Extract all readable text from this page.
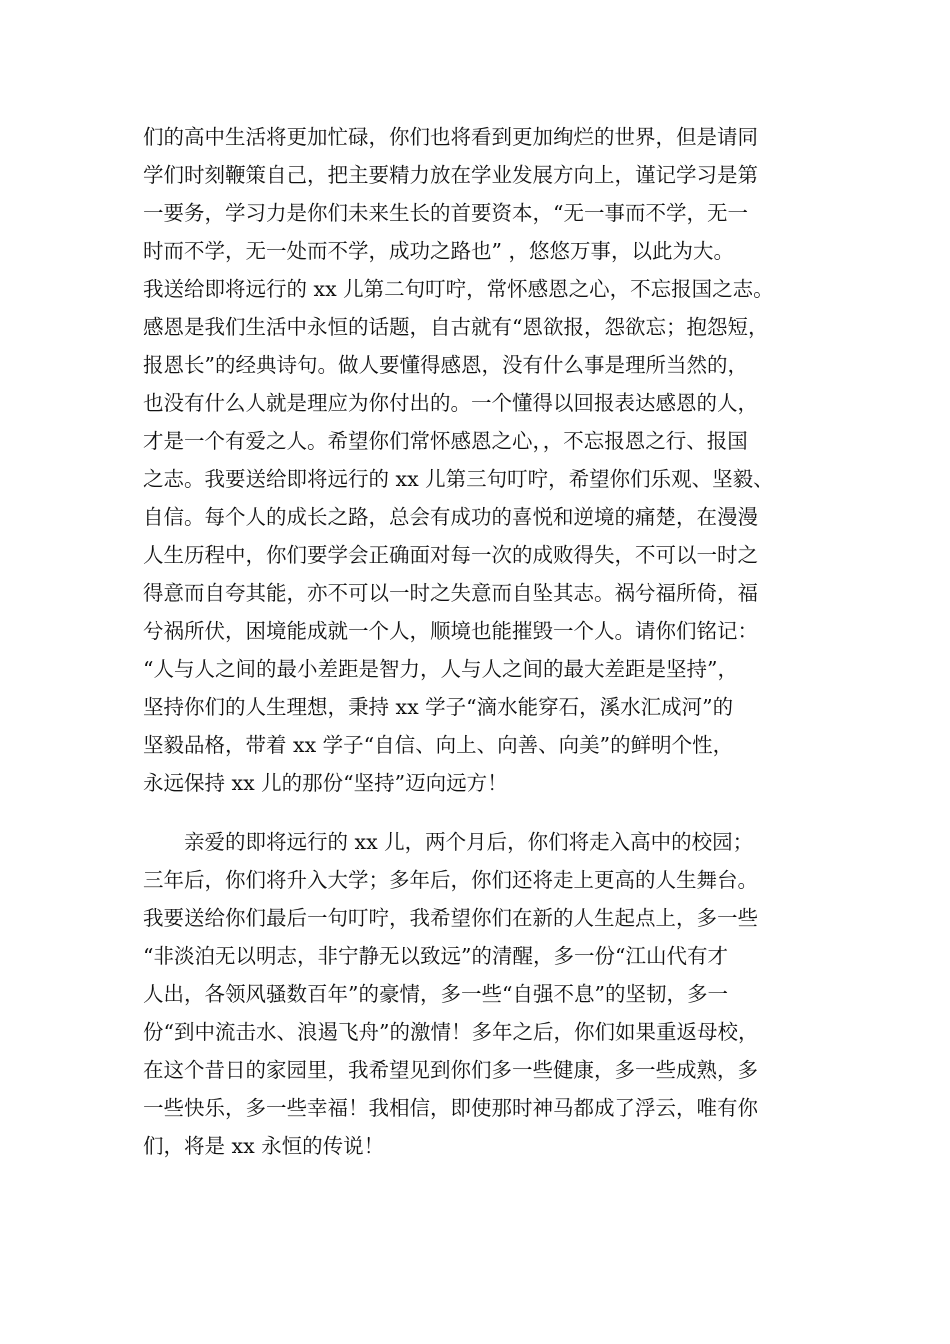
们的高中生活将更加忙碌，你们也将看到更加绚烂的世界，但是请同
学们时刻鞭策自己，把主要精力放在学业发展方向上，谨记学习是第
一要务，学习力是你们未来生长的首要资本，“无一事而不学，无一
时而不学，无一处而不学，成功之路也” ，悠悠万事，以此为大。
我送给即将远行的 xx 儿第二句叮咛，常怀感恩之心，不忘报国之志。
感恩是我们生活中永恒的话题，自古就有“恩欲报，怨欲忘；抱怨短，
报恩长”的经典诗句。做人要懂得感恩，没有什么事是理所当然的，
也没有什么人就是理应为你付出的。一个懂得以回报表达感恩的人，
才是一个有爱之人。希望你们常怀感恩之心，，不忘报恩之行、报国
之志。我要送给即将远行的 xx 儿第三句叮咛，希望你们乐观、坚毅、
自信。每个人的成长之路，总会有成功的喜悦和逆境的痛楚，在漫漫
人生历程中，你们要学会正确面对每一次的成败得失，不可以一时之
得意而自夸其能，亦不可以一时之失意而自坠其志。祸兮福所倚，福
兮祸所伏，困境能成就一个人，顺境也能摧毁一个人。请你们铭记：
“人与人之间的最小差距是智力，人与人之间的最大差距是坚持”，
坚持你们的人生理想，秉持 xx 学子“滴水能穿石，溪水汇成河”的
坚毅品格，带着 xx 学子“自信、向上、向善、向美”的鲜明个性，
永远保持 xx 儿的那份“坚持”迈向远方！
亲爱的即将远行的 xx 儿，两个月后，你们将走入高中的校园；
三年后，你们将升入大学；多年后，你们还将走上更高的人生舞台。
我要送给你们最后一句叮咛，我希望你们在新的人生起点上，多一些
“非淡泊无以明志，非宁静无以致远”的清醒，多一份“江山代有才
人出，各领风骚数百年”的豪情，多一些“自强不息”的坚韧，多一
份“到中流击水、浪遏飞舟”的激情！多年之后，你们如果重返母校，
在这个昔日的家园里，我希望见到你们多一些健康，多一些成熟，多
一些快乐，多一些幸福！我相信，即使那时神马都成了浮云，唯有你
们，将是 xx 永恒的传说！
